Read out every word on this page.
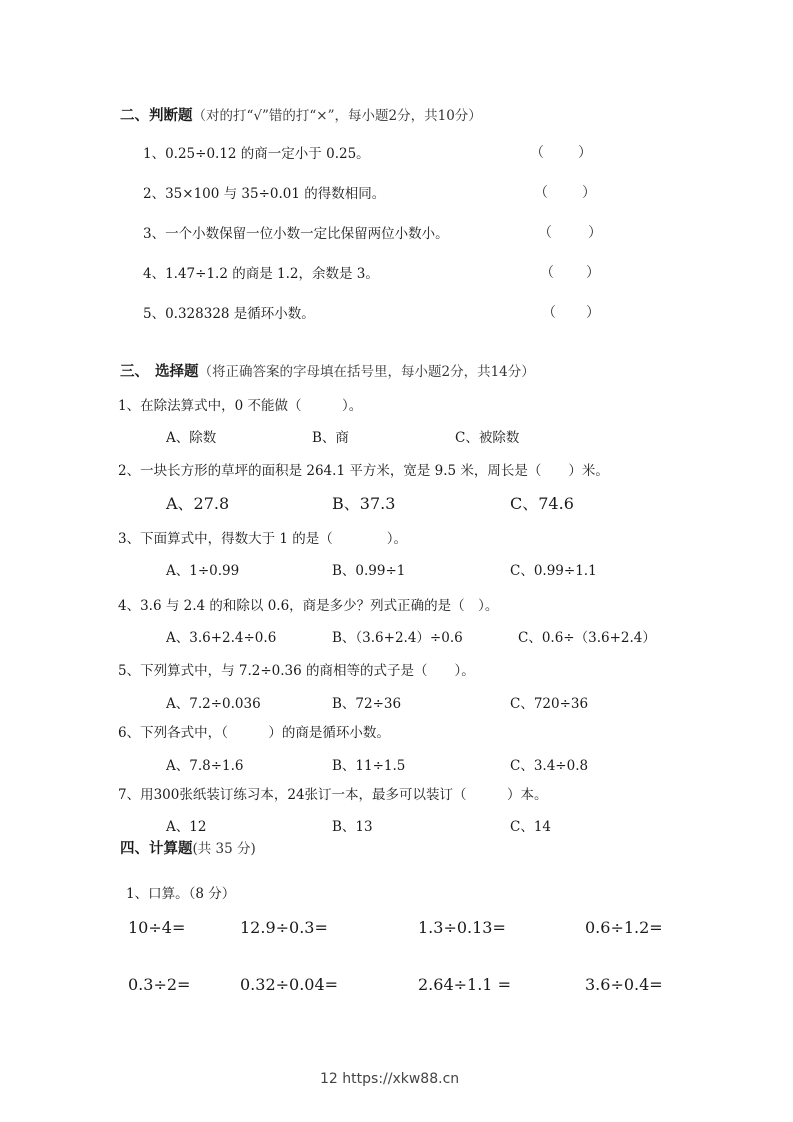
二、判断题（对的打“√”错的打“×”，每小题2分，共10分）
1、0.25÷0.12 的商一定小于 0.25。	（ ）
2、35×100 与 35÷0.01 的得数相同。	（ ）
3、一个小数保留一位小数一定比保留两位小数小。	（	）
4、1.47÷1.2 的商是 1.2，余数是 3。	（ ）
5、0.328328 是循环小数。	（ ）
三、 选择题（将正确答案的字母填在括号里，每小题2分，共14分）
1、在除法算式中，0 不能做（　　　）。
A、除数	B、商	C、被除数
2、一块长方形的草坪的面积是 264.1 平方米，宽是 9.5 米，周长是（　　）米。
A、27.8	B、37.3	C、74.6
3、下面算式中，得数大于 1 的是（　　　　）。
A、1÷0.99	B、0.99÷1	C、0.99÷1.1
4、3.6 与 2.4 的和除以 0.6，商是多少？列式正确的是（　）。
A、3.6+2.4÷0.6	B、（3.6+2.4）÷0.6	C、0.6÷（3.6+2.4）
5、下列算式中，与 7.2÷0.36 的商相等的式子是（　　）。
A、7.2÷0.036	B、72÷36	C、720÷36
6、下列各式中，（　　　）的商是循环小数。
A、7.8÷1.6	B、11÷1.5	C、3.4÷0.8
7、用300张纸装订练习本，24张订一本，最多可以装订（　　　）本。
A、12	B、13	C、14
四、计算题(共 35 分)
1、口算。（8 分）
10÷4=	12.9÷0.3=	1.3÷0.13=	0.6÷1.2=
0.3÷2=	0.32÷0.04=	2.64÷1.1 =	3.6÷0.4=
12 https://xkw88.cn
